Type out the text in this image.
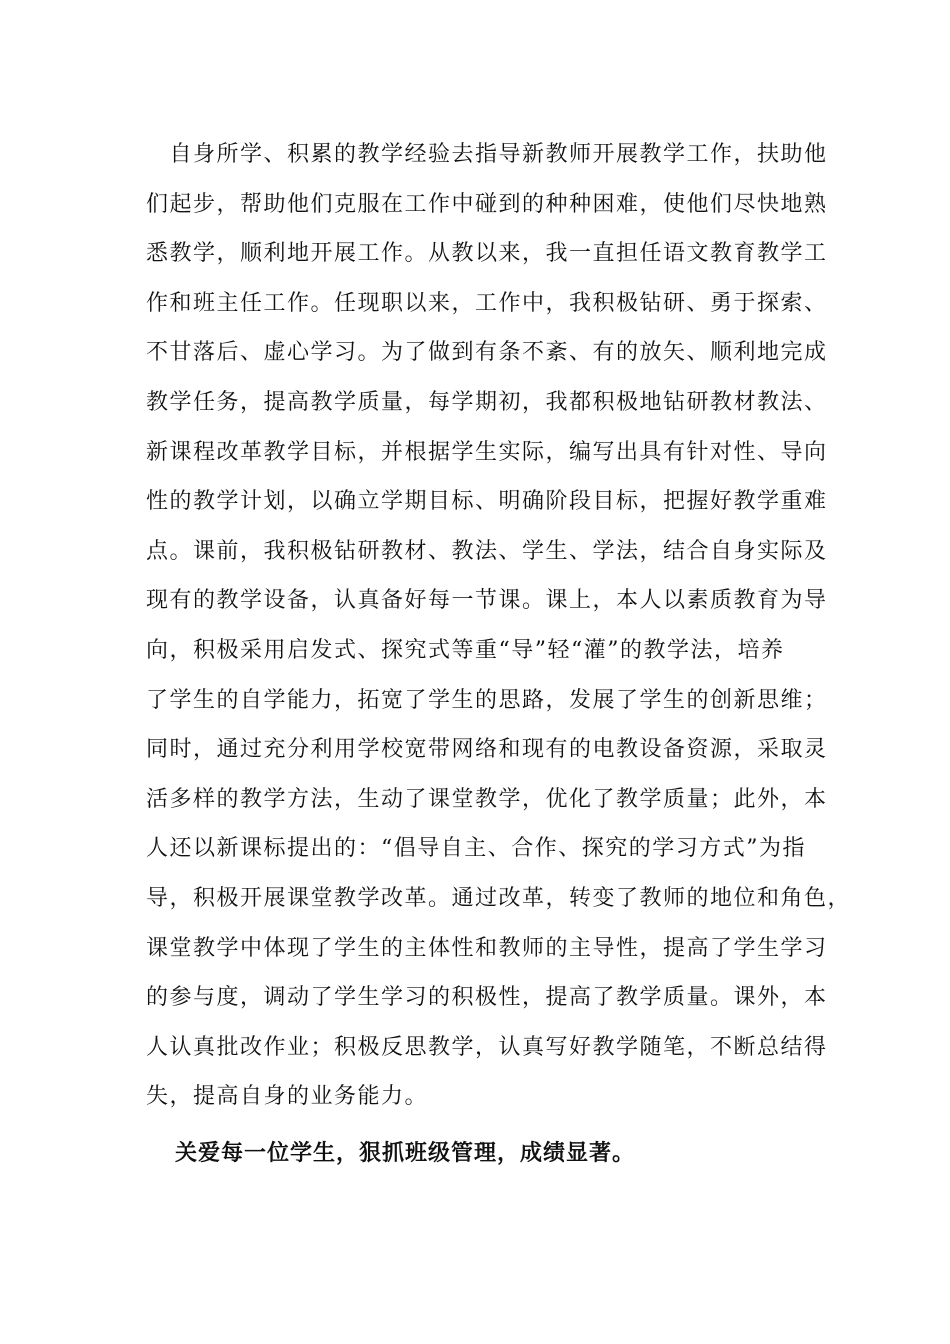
　自身所学、积累的教学经验去指导新教师开展教学工作，扶助他
们起步，帮助他们克服在工作中碰到的种种困难，使他们尽快地熟
悉教学，顺利地开展工作。从教以来，我一直担任语文教育教学工
作和班主任工作。任现职以来，工作中，我积极钻研、勇于探索、
不甘落后、虚心学习。为了做到有条不紊、有的放矢、顺利地完成
教学任务，提高教学质量，每学期初，我都积极地钻研教材教法、
新课程改革教学目标，并根据学生实际，编写出具有针对性、导向
性的教学计划，以确立学期目标、明确阶段目标，把握好教学重难
点。课前，我积极钻研教材、教法、学生、学法，结合自身实际及
现有的教学设备，认真备好每一节课。课上，本人以素质教育为导
向，积极采用启发式、探究式等重“导”轻“灌”的教学法，培养
了学生的自学能力，拓宽了学生的思路，发展了学生的创新思维；
同时，通过充分利用学校宽带网络和现有的电教设备资源，采取灵
活多样的教学方法，生动了课堂教学，优化了教学质量；此外，本
人还以新课标提出的：“倡导自主、合作、探究的学习方式”为指
导，积极开展课堂教学改革。通过改革，转变了教师的地位和角色，
课堂教学中体现了学生的主体性和教师的主导性，提高了学生学习
的参与度，调动了学生学习的积极性，提高了教学质量。课外，本
人认真批改作业；积极反思教学，认真写好教学随笔，不断总结得
失，提高自身的业务能力。
关爱每一位学生，狠抓班级管理，成绩显著。
